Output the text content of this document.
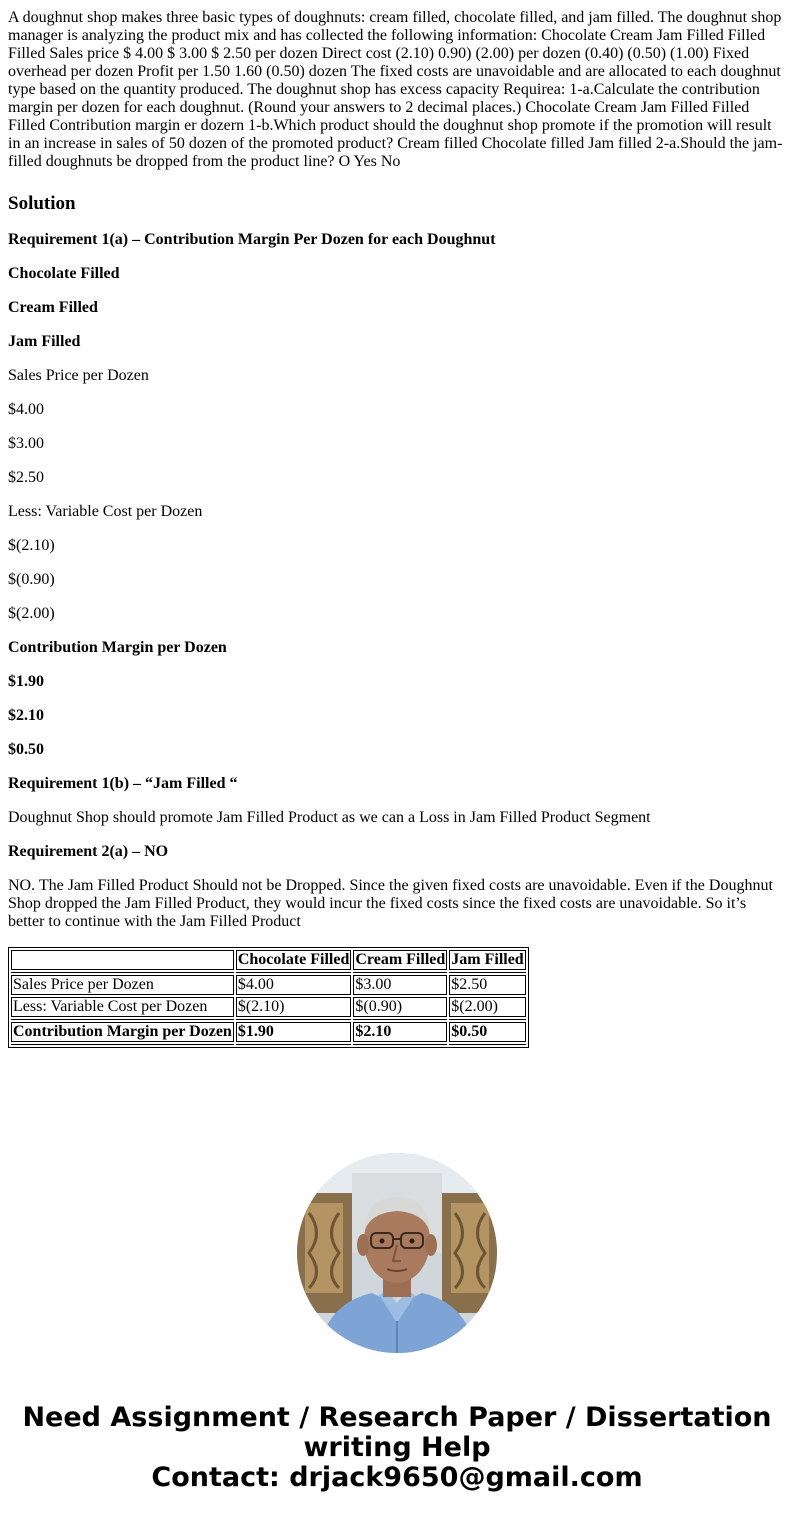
A doughnut shop makes three basic types of doughnuts: cream filled, chocolate filled, and jam filled. The doughnut shop manager is analyzing the product mix and has collected the following information: Chocolate Cream Jam Filled Filled Filled Sales price $ 4.00 $ 3.00 $ 2.50 per dozen Direct cost (2.10) 0.90) (2.00) per dozen (0.40) (0.50) (1.00) Fixed overhead per dozen Profit per 1.50 1.60 (0.50) dozen The fixed costs are unavoidable and are allocated to each doughnut type based on the quantity produced. The doughnut shop has excess capacity Requirea: 1-a.Calculate the contribution margin per dozen for each doughnut. (Round your answers to 2 decimal places.) Chocolate Cream Jam Filled Filled Filled Contribution margin er dozern 1-b.Which product should the doughnut shop promote if the promotion will result in an increase in sales of 50 dozen of the promoted product? Cream filled Chocolate filled Jam filled 2-a.Should the jam-filled doughnuts be dropped from the product line? O Yes No
Solution
Requirement 1(a) – Contribution Margin Per Dozen for each Doughnut
Chocolate Filled
Cream Filled
Jam Filled
Sales Price per Dozen
$4.00
$3.00
$2.50
Less: Variable Cost per Dozen
$(2.10)
$(0.90)
$(2.00)
Contribution Margin per Dozen
$1.90
$2.10
$0.50
Requirement 1(b) – “Jam Filled “
Doughnut Shop should promote Jam Filled Product as we can a Loss in Jam Filled Product Segment
Requirement 2(a) – NO
NO. The Jam Filled Product Should not be Dropped. Since the given fixed costs are unavoidable. Even if the Doughnut Shop dropped the Jam Filled Product, they would incur the fixed costs since the fixed costs are unavoidable. So it’s better to continue with the Jam Filled Product
	Chocolate Filled	Cream Filled	Jam Filled

Sales Price per Dozen	$4.00	$3.00	$2.50
Less: Variable Cost per Dozen	$(2.10)	$(0.90)	$(2.00)

Contribution Margin per Dozen	$1.90	$2.10	$0.50

Need Assignment / Research Paper / Dissertation
writing Help
Contact: drjack9650@gmail.com
